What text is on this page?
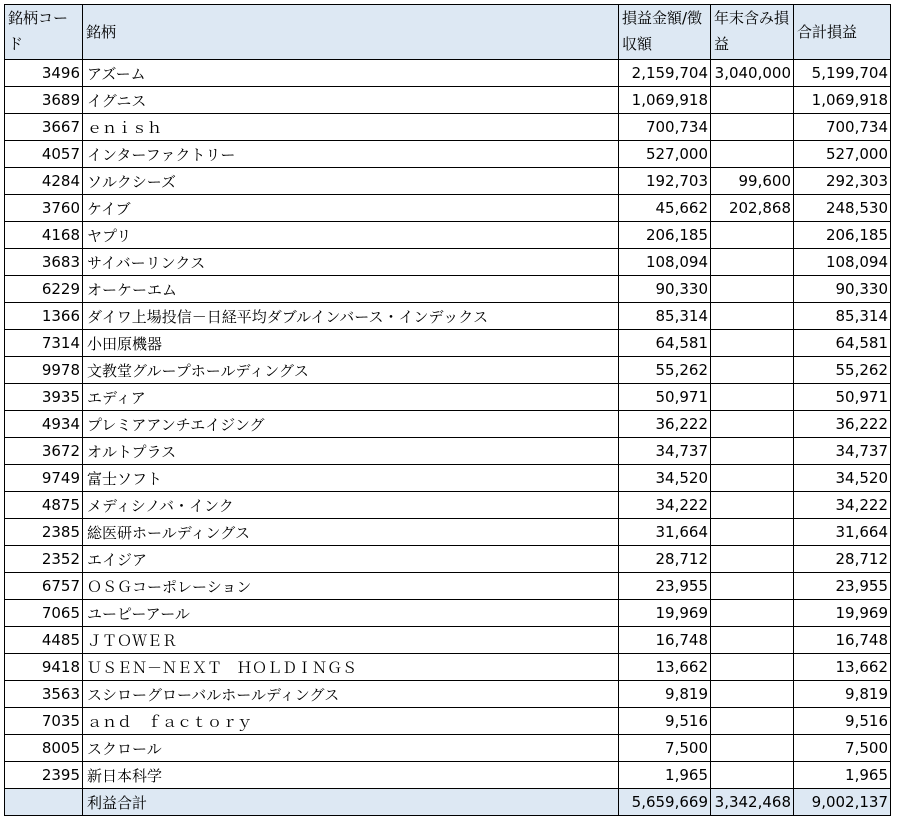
銘柄コード	銘柄	損益金額/徴収額	年末含み損益	合計損益
3496	アズーム	2,159,704	3,040,000	5,199,704
3689	イグニス	1,069,918		1,069,918
3667	ｅｎｉｓｈ	700,734		700,734
4057	インターファクトリー	527,000		527,000
4284	ソルクシーズ	192,703	99,600	292,303
3760	ケイブ	45,662	202,868	248,530
4168	ヤプリ	206,185		206,185
3683	サイバーリンクス	108,094		108,094
6229	オーケーエム	90,330		90,330
1366	ダイワ上場投信－日経平均ダブルインバース・インデックス	85,314		85,314
7314	小田原機器	64,581		64,581
9978	文教堂グループホールディングス	55,262		55,262
3935	エディア	50,971		50,971
4934	プレミアアンチエイジング	36,222		36,222
3672	オルトプラス	34,737		34,737
9749	富士ソフト	34,520		34,520
4875	メディシノバ・インク	34,222		34,222
2385	総医研ホールディングス	31,664		31,664
2352	エイジア	28,712		28,712
6757	ＯＳＧコーポレーション	23,955		23,955
7065	ユーピーアール	19,969		19,969
4485	ＪＴＯＷＥＲ	16,748		16,748
9418	ＵＳＥＮ－ＮＥＸＴ　ＨＯＬＤＩＮＧＳ	13,662		13,662
3563	スシローグローバルホールディングス	9,819		9,819
7035	ａｎｄ　ｆａｃｔｏｒｙ	9,516		9,516
8005	スクロール	7,500		7,500
2395	新日本科学	1,965		1,965
	利益合計	5,659,669	3,342,468	9,002,137
